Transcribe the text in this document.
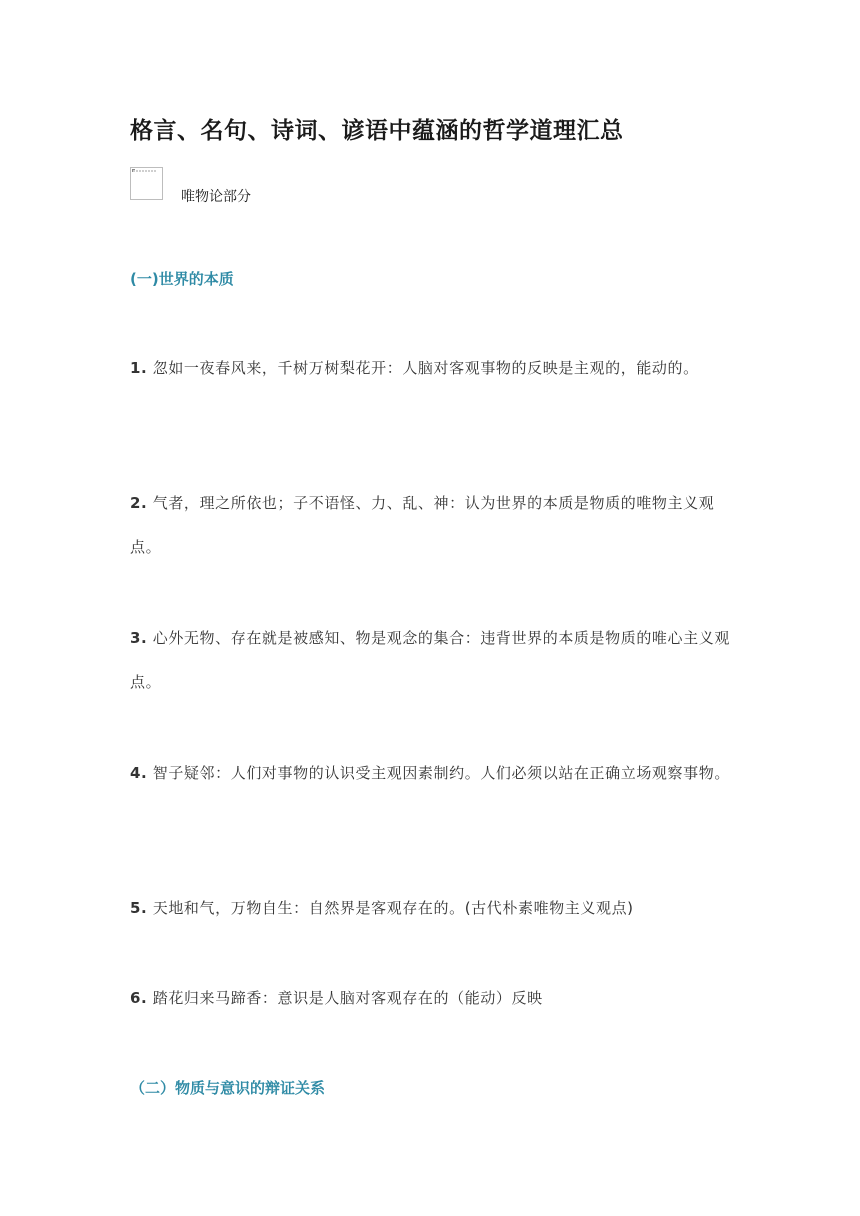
格言、名句、诗词、谚语中蕴涵的哲学道理汇总
唯物论部分
(一)世界的本质
1. 忽如一夜春风来，千树万树梨花开：人脑对客观事物的反映是主观的，能动的。
2. 气者，理之所依也；子不语怪、力、乱、神：认为世界的本质是物质的唯物主义观点。
3. 心外无物、存在就是被感知、物是观念的集合：违背世界的本质是物质的唯心主义观点。
4. 智子疑邻：人们对事物的认识受主观因素制约。人们必须以站在正确立场观察事物。
5. 天地和气，万物自生：自然界是客观存在的。(古代朴素唯物主义观点)
6. 踏花归来马蹄香：意识是人脑对客观存在的（能动）反映
（二）物质与意识的辩证关系
